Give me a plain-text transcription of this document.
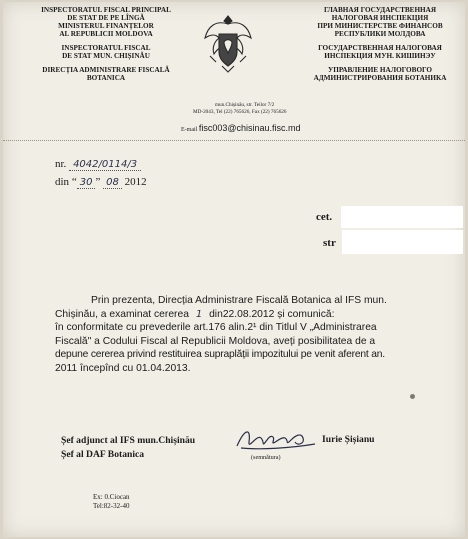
INSPECTORATUL FISCAL PRINCIPAL
DE STAT DE PE LÎNGĂ
MINISTERUL FINANȚELOR
AL REPUBLICII MOLDOVA
INSPECTORATUL FISCAL
DE STAT MUN. CHIȘINĂU
DIRECȚIA ADMINISTRARE FISCALĂ
BOTANICA
ГЛАВНАЯ ГОСУДАРСТВЕННАЯ
НАЛОГОВАЯ ИНСПЕКЦИЯ
ПРИ МИНИСТЕРСТВЕ ФИНАНСОВ
РЕСПУБЛИКИ МОЛДОВА
ГОСУДАРСТВЕННАЯ НАЛОГОВАЯ
ИНСПЕКЦИЯ МУН. КИШИНЭУ
УПРАВЛЕНИЕ НАЛОГОВОГО
АДМИНИСТРИРОВАНИЯ БОТАНИКА
mun.Chișinău, str. Teilor 7/2
MD-2043, Tel (22) 765626, Fax (22) 765626
E-mail fisc003@chisinau.fisc.md
nr. 4042/0114/3
din “ 30 ” 08 2012
cet.
str
Prin prezenta, Direcția Administrare Fiscală Botanica al IFS mun.
Chișinău, a examinat cererea 1 din22.08.2012 și comunică:
în conformitate cu prevederile art.176 alin.2¹ din Titlul V „Administrarea
Fiscală" a Codului Fiscal al Republicii Moldova, aveți posibilitatea de a
depune cererea privind restituirea supraplății impozitului pe venit aferent an.
2011 începînd cu 01.04.2013.
Șef adjunct al IFS mun.Chișinău
Șef al DAF Botanica
Iurie Șișianu
(semnătura)
Ex: 0.Ciocan
Tel:82-32-40
